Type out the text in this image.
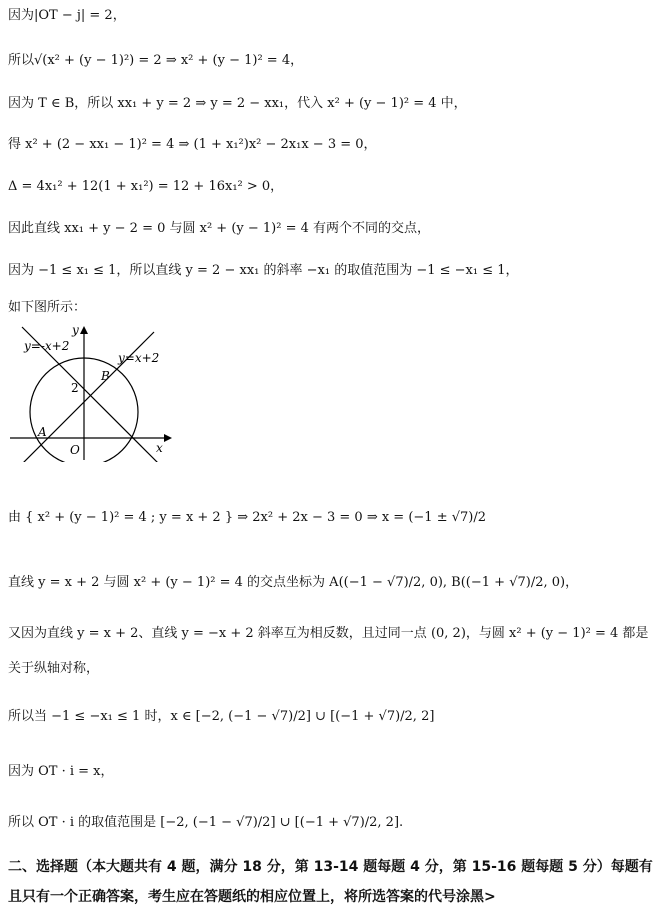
因为|OT − j| = 2，
所以√(x² + (y − 1)²) = 2 ⇒ x² + (y − 1)² = 4，
因为 T ∈ B，所以 xx₁ + y = 2 ⇒ y = 2 − xx₁，代入 x² + (y − 1)² = 4 中，
得 x² + (2 − xx₁ − 1)² = 4 ⇒ (1 + x₁²)x² − 2x₁x − 3 = 0，
Δ = 4x₁² + 12(1 + x₁²) = 12 + 16x₁² > 0，
因此直线 xx₁ + y − 2 = 0 与圆 x² + (y − 1)² = 4 有两个不同的交点，
因为 −1 ≤ x₁ ≤ 1，所以直线 y = 2 − xx₁ 的斜率 −x₁ 的取值范围为 −1 ≤ −x₁ ≤ 1，
如下图所示：
y=-x+2
y=x+2
y
x
O
A
B
2
由 { x² + (y − 1)² = 4 ; y = x + 2 } ⇒ 2x² + 2x − 3 = 0 ⇒ x = (−1 ± √7)/2
直线 y = x + 2 与圆 x² + (y − 1)² = 4 的交点坐标为 A((−1 − √7)/2, 0), B((−1 + √7)/2, 0)，
又因为直线 y = x + 2、直线 y = −x + 2 斜率互为相反数，且过同一点 (0, 2)，与圆 x² + (y − 1)² = 4 都是
关于纵轴对称，
所以当 −1 ≤ −x₁ ≤ 1 时，x ∈ [−2, (−1 − √7)/2] ∪ [(−1 + √7)/2, 2]
因为 OT · i = x，
所以 OT · i 的取值范围是 [−2, (−1 − √7)/2] ∪ [(−1 + √7)/2, 2].
二、选择题（本大题共有 4 题，满分 18 分，第 13-14 题每题 4 分，第 15-16 题每题 5 分）每题有且只有一个正确答案，考生应在答题纸的相应位置上，将所选答案的代号涂黑>
